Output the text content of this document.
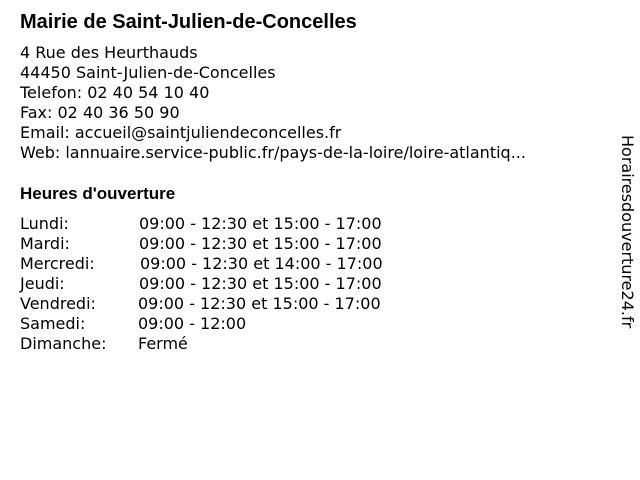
Mairie de Saint-Julien-de-Concelles
4 Rue des Heurthauds
44450 Saint-Julien-de-Concelles
Telefon: 02 40 54 10 40
Fax: 02 40 36 50 90
Email: accueil@saintjuliendeconcelles.fr
Web: lannuaire.service-public.fr/pays-de-la-loire/loire-atlantiq...
Heures d'ouverture
Lundi:	09:00 - 12:30 et 15:00 - 17:00
Mardi:	09:00 - 12:30 et 15:00 - 17:00
Mercredi:	09:00 - 12:30 et 14:00 - 17:00
Jeudi:	09:00 - 12:30 et 15:00 - 17:00
Vendredi:	09:00 - 12:30 et 15:00 - 17:00
Samedi:	09:00 - 12:00
Dimanche: Fermé
Horairesdouverture24.fr
